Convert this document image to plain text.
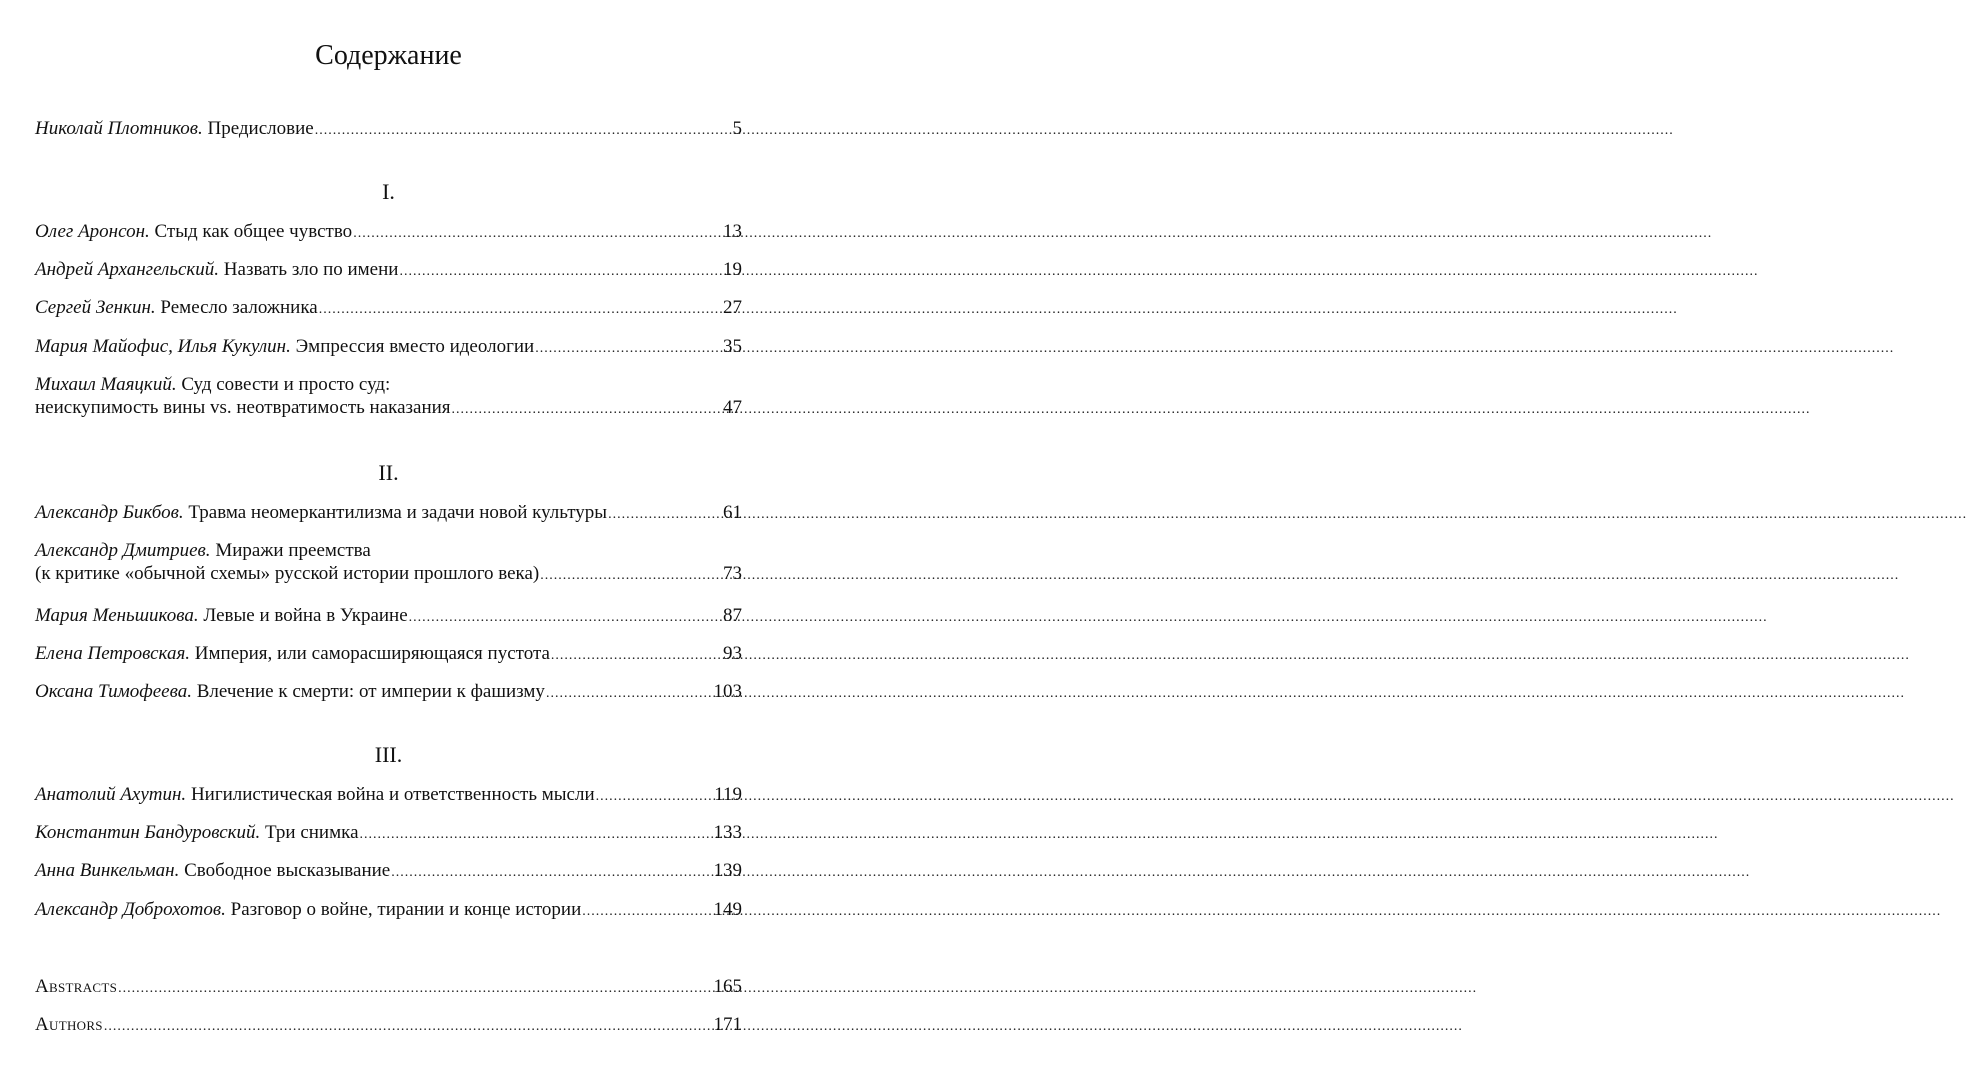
Содержание
Николай Плотников. Предисловие .....	5
I.
Олег Аронсон. Стыд как общее чувство .....	13
Андрей Архангельский. Назвать зло по имени .....	19
Сергей Зенкин. Ремесло заложника .....	27
Мария Майофис, Илья Кукулин. Эмпрессия вместо идеологии .....	35
Михаил Маяцкий. Суд совести и просто суд:
неискупимость вины vs. неотвратимость наказания .....	47
II.
Александр Бикбов. Травма неомеркантилизма и задачи новой культуры .....	61
Александр Дмитриев. Миражи преемства
(к критике «обычной схемы» русской истории прошлого века) .....	73
Мария Меньшикова. Левые и война в Украине .....	87
Елена Петровская. Империя, или саморасширяющаяся пустота .....	93
Оксана Тимофеева. Влечение к смерти: от империи к фашизму .....	103
III.
Анатолий Ахутин. Нигилистическая война и ответственность мысли .....	119
Константин Бандуровский. Три снимка .....	133
Анна Винкельман. Свободное высказывание .....	139
Александр Доброхотов. Разговор о войне, тирании и конце истории .....	149
Abstracts .....	165
Authors .....	171
